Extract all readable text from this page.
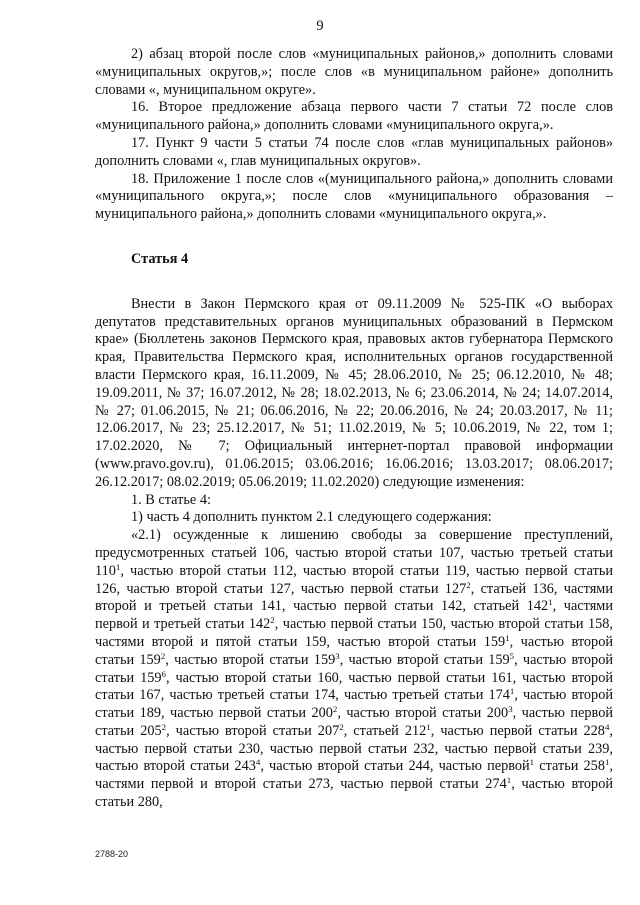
9

2) абзац второй после слов «муниципальных районов,» дополнить словами «муниципальных округов,»; после слов «в муниципальном районе» дополнить словами «, муниципальном округе».

16. Второе предложение абзаца первого части 7 статьи 72 после слов «муниципального района,» дополнить словами «муниципального округа,».

17. Пункт 9 части 5 статьи 74 после слов «глав муниципальных районов» дополнить словами «, глав муниципальных округов».

18. Приложение 1 после слов «(муниципального района,» дополнить словами «муниципального округа,»; после слов «муниципального образования – муниципального района,» дополнить словами «муниципального округа,».

Статья 4

Внести в Закон Пермского края от 09.11.2009 № 525-ПК «О выборах депутатов представительных органов муниципальных образований в Пермском крае» (Бюллетень законов Пермского края, правовых актов губернатора Пермского края, Правительства Пермского края, исполнительных органов государственной власти Пермского края, 16.11.2009, № 45; 28.06.2010, № 25; 06.12.2010, № 48; 19.09.2011, № 37; 16.07.2012, № 28; 18.02.2013, № 6; 23.06.2014, № 24; 14.07.2014, № 27; 01.06.2015, № 21; 06.06.2016, № 22; 20.06.2016, № 24; 20.03.2017, № 11; 12.06.2017, № 23; 25.12.2017, № 51; 11.02.2019, № 5; 10.06.2019, № 22, том 1; 17.02.2020, № 7; Официальный интернет-портал правовой информации (www.pravo.gov.ru), 01.06.2015; 03.06.2016; 16.06.2016; 13.03.2017; 08.06.2017; 26.12.2017; 08.02.2019; 05.06.2019; 11.02.2020) следующие изменения:

1. В статье 4:

1) часть 4 дополнить пунктом 2.1 следующего содержания:

«2.1) осужденные к лишению свободы за совершение преступлений, предусмотренных статьей 106, частью второй статьи 107, частью третьей статьи $110^1$, частью второй статьи 112, частью второй статьи 119, частью первой статьи 126, частью второй статьи 127, частью первой статьи $127^2$, статьей 136, частями второй и третьей статьи 141, частью первой статьи 142, статьей $142^1$, частями первой и третьей статьи $142^2$, частью первой статьи 150, частью второй статьи 158, частями второй и пятой статьи 159, частью второй статьи $159^1$, частью второй статьи $159^2$, частью второй статьи $159^3$, частью второй статьи $159^5$, частью второй статьи $159^6$, частью второй статьи 160, частью первой статьи 161, частью второй статьи 167, частью третьей статьи 174, частью третьей статьи $174^1$, частью второй статьи 189, частью первой статьи $200^2$, частью второй статьи $200^3$, частью первой статьи $205^2$, частью второй статьи $207^2$, статьей $212^1$, частью первой статьи $228^4$, частью первой статьи 230, частью первой статьи 232, частью первой статьи 239, частью второй статьи $243^4$, частью второй статьи 244, частью первой$^1$ статьи $258^1$, частями первой и второй статьи 273, частью первой статьи $274^1$, частью второй статьи 280,

2788-20
